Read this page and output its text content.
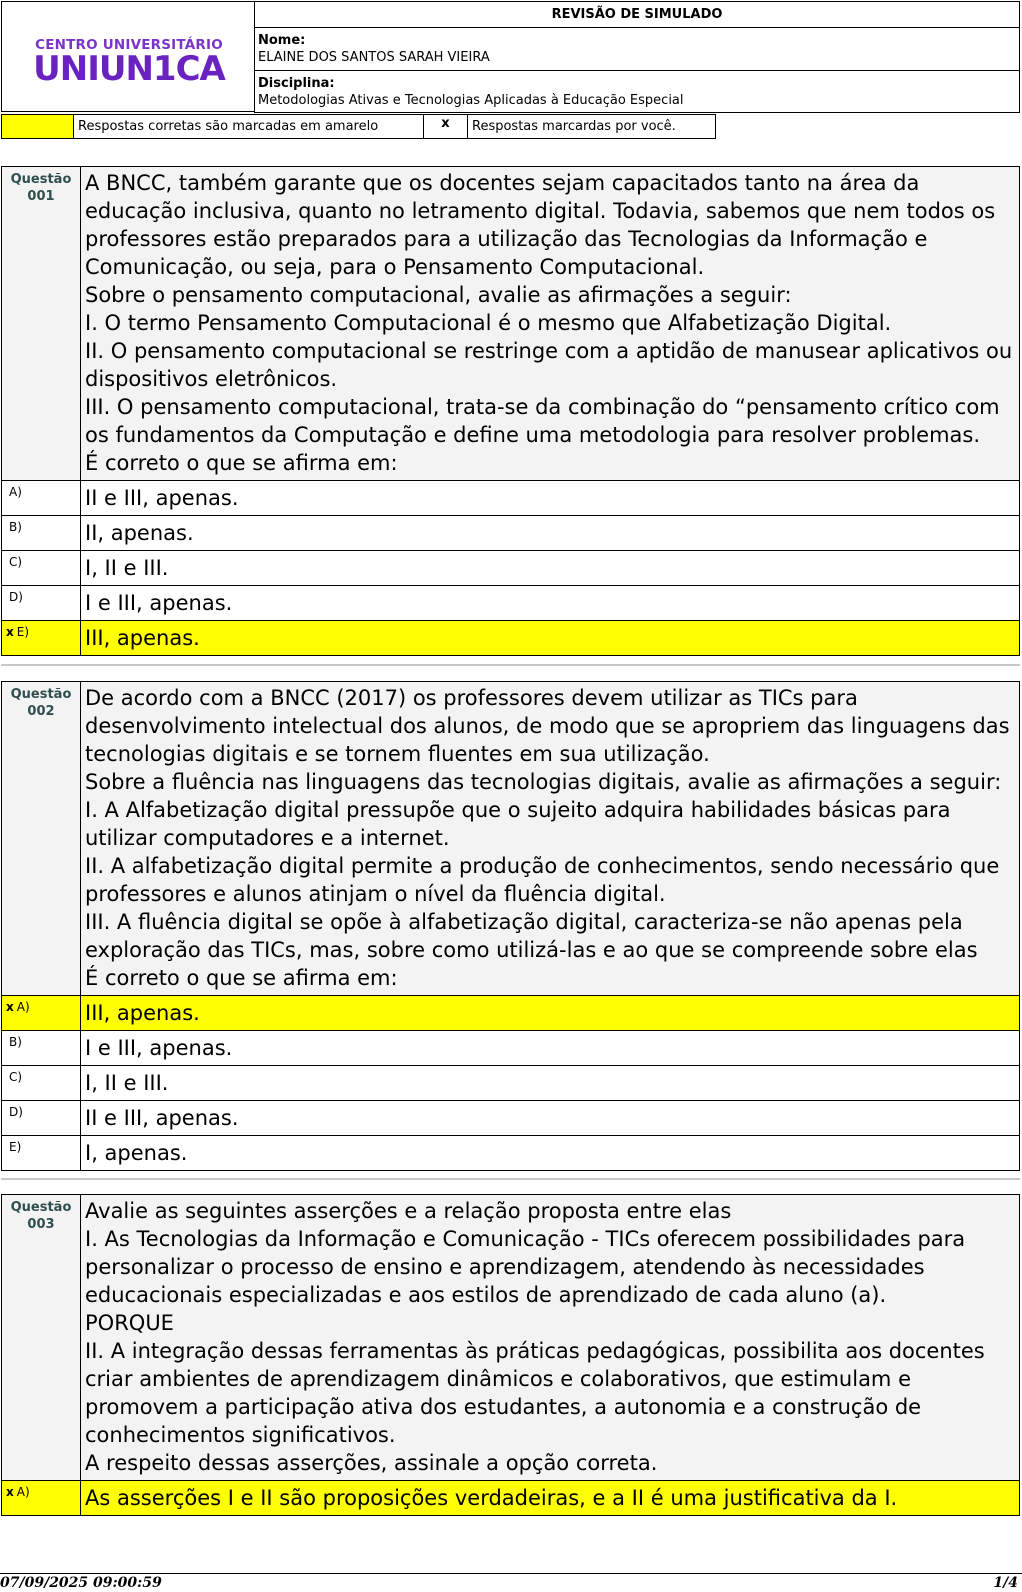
CENTRO UNIVERSITÁRIO
UNIUN1CA
REVISÃO DE SIMULADO
Nome:
ELAINE DOS SANTOS SARAH VIEIRA
Disciplina:
Metodologias Ativas e Tecnologias Aplicadas à Educação Especial
Respostas corretas são marcadas em amarelo	x	Respostas marcardas por você.
Questão
001

A BNCC, também garante que os docentes sejam capacitados tanto na área da educação inclusiva, quanto no letramento digital. Todavia, sabemos que nem todos os professores estão preparados para a utilização das Tecnologias da Informação e Comunicação, ou seja, para o Pensamento Computacional.

Sobre o pensamento computacional, avalie as afirmações a seguir:

I. O termo Pensamento Computacional é o mesmo que Alfabetização Digital.

II. O pensamento computacional se restringe com a aptidão de manusear aplicativos ou dispositivos eletrônicos.

III. O pensamento computacional, trata-se da combinação do “pensamento crítico com os fundamentos da Computação e define uma metodologia para resolver problemas.

É correto o que se afirma em:

A)	II e III, apenas.
B)	II, apenas.
C)	I, II e III.
D)	I e III, apenas.
x E)	III, apenas.
Questão
002

De acordo com a BNCC (2017) os professores devem utilizar as TICs para desenvolvimento intelectual dos alunos, de modo que se apropriem das linguagens das tecnologias digitais e se tornem fluentes em sua utilização.

Sobre a fluência nas linguagens das tecnologias digitais, avalie as afirmações a seguir:

I. A Alfabetização digital pressupõe que o sujeito adquira habilidades básicas para utilizar computadores e a internet.

II. A alfabetização digital permite a produção de conhecimentos, sendo necessário que professores e alunos atinjam o nível da fluência digital.

III. A fluência digital se opõe à alfabetização digital, caracteriza-se não apenas pela exploração das TICs, mas, sobre como utilizá-las e ao que se compreende sobre elas

É correto o que se afirma em:

x A)	III, apenas.
B)	I e III, apenas.
C)	I, II e III.
D)	II e III, apenas.
E)	I, apenas.
Questão
003

Avalie as seguintes asserções e a relação proposta entre elas

I. As Tecnologias da Informação e Comunicação - TICs oferecem possibilidades para personalizar o processo de ensino e aprendizagem, atendendo às necessidades educacionais especializadas e aos estilos de aprendizado de cada aluno (a).

PORQUE

II. A integração dessas ferramentas às práticas pedagógicas, possibilita aos docentes criar ambientes de aprendizagem dinâmicos e colaborativos, que estimulam e promovem a participação ativa dos estudantes, a autonomia e a construção de conhecimentos significativos.

A respeito dessas asserções, assinale a opção correta.

x A)	As asserções I e II são proposições verdadeiras, e a II é uma justificativa da I.
07/09/2025 09:00:59	1/4
